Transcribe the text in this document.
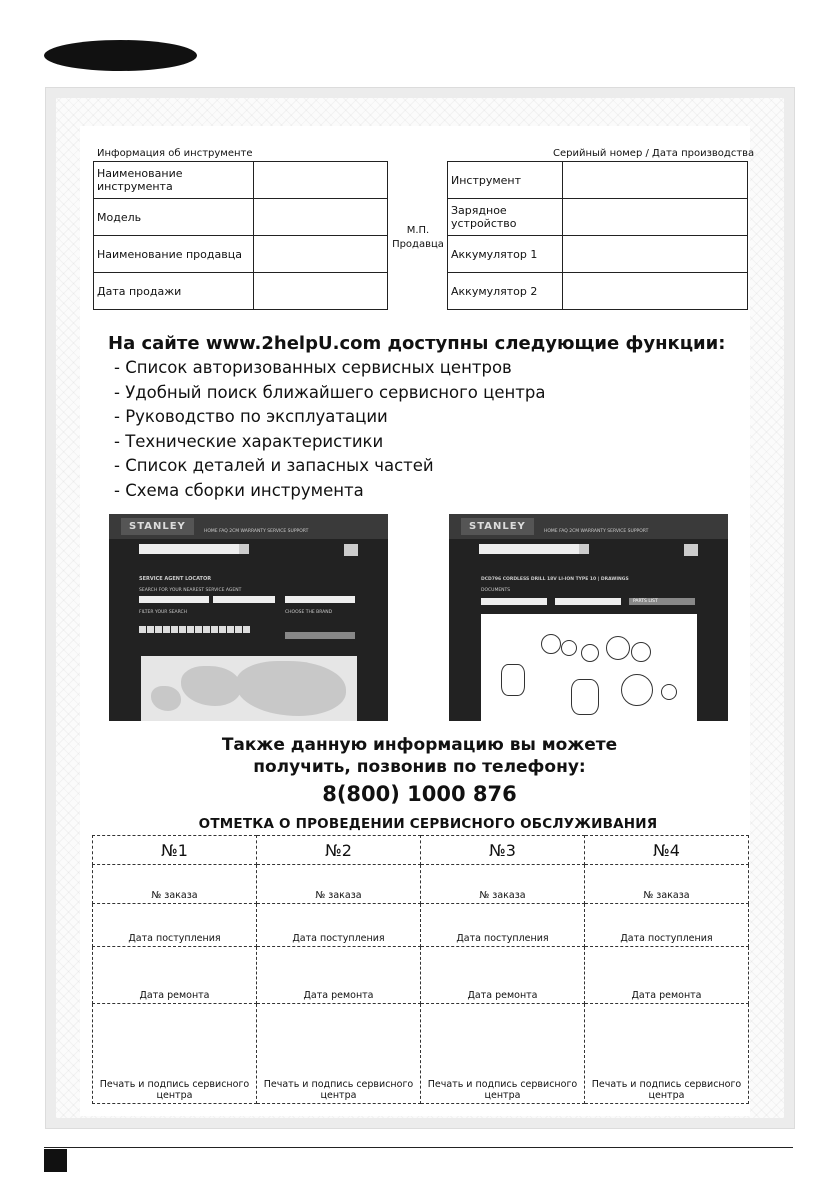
Информация об инструменте	Серийный номер / Дата производства
Наименование инструмента	
Модель	
Наименование продавца	
Дата продажи	
М.П.
Продавца
Инструмент	
Зарядное устройство	
Аккумулятор 1	
Аккумулятор 2	
На сайте www.2helpU.com доступны следующие функции:
- Список авторизованных сервисных центров
- Удобный поиск ближайшего сервисного центра
- Руководство по эксплуатации
- Технические характеристики
- Список деталей и запасных частей
- Схема сборки инструмента
STANLEY	HOME FAQ 2CM WARRANTY SERVICE SUPPORT
SERVICE AGENT LOCATOR
SEARCH FOR YOUR NEAREST SERVICE AGENT
FILTER YOUR SEARCH	CHOOSE THE BRAND
STANLEY	HOME FAQ 2CM WARRANTY SERVICE SUPPORT
DCD796 CORDLESS DRILL 18V LI-ION TYPE 10 | DRAWINGS
DOCUMENTS
PARTS LIST
Также данную информацию вы можете
получить, позвонив по телефону:
8(800) 1000 876
ОТМЕТКА О ПРОВЕДЕНИИ СЕРВИСНОГО ОБСЛУЖИВАНИЯ
№1	№2	№3	№4
№ заказа	№ заказа	№ заказа	№ заказа
Дата поступления	Дата поступления	Дата поступления	Дата поступления
Дата ремонта	Дата ремонта	Дата ремонта	Дата ремонта
Печать и подпись сервисного центра	Печать и подпись сервисного центра	Печать и подпись сервисного центра	Печать и подпись сервисного центра
